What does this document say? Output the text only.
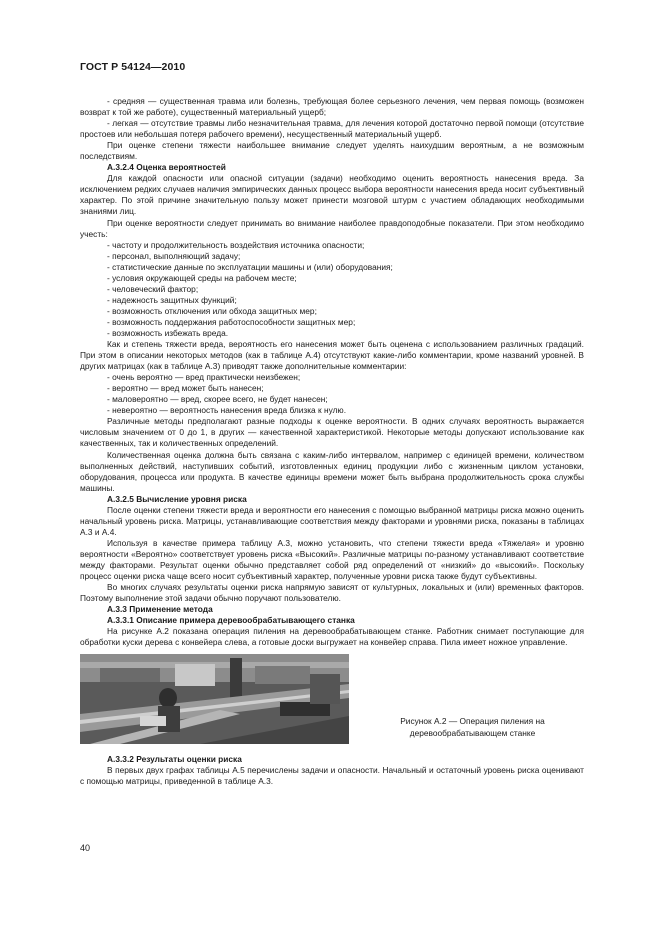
ГОСТ Р 54124—2010

- средняя — существенная травма или болезнь, требующая более серьезного лечения, чем первая помощь (возможен возврат к той же работе), существенный материальный ущерб;

- легкая — отсутствие травмы либо незначительная травма, для лечения которой достаточно первой помощи (отсутствие простоев или небольшая потеря рабочего времени), несущественный материальный ущерб.

При оценке степени тяжести наибольшее внимание следует уделять наихудшим вероятным, а не возможным последствиям.

А.3.2.4 Оценка вероятностей

Для каждой опасности или опасной ситуации (задачи) необходимо оценить вероятность нанесения вреда. За исключением редких случаев наличия эмпирических данных процесс выбора вероятности нанесения вреда носит субъективный характер. По этой причине значительную пользу может принести мозговой штурм с участием обладающих необходимыми знаниями лиц.

При оценке вероятности следует принимать во внимание наиболее правдоподобные показатели. При этом необходимо учесть:

- частоту и продолжительность воздействия источника опасности;

- персонал, выполняющий задачу;

- статистические данные по эксплуатации машины и (или) оборудования;

- условия окружающей среды на рабочем месте;

- человеческий фактор;

- надежность защитных функций;

- возможность отключения или обхода защитных мер;

- возможность поддержания работоспособности защитных мер;

- возможность избежать вреда.

Как и степень тяжести вреда, вероятность его нанесения может быть оценена с использованием различных градаций. При этом в описании некоторых методов (как в таблице А.4) отсутствуют какие-либо комментарии, кроме названий уровней. В других матрицах (как в таблице А.3) приводят также дополнительные комментарии:

- очень вероятно — вред практически неизбежен;

- вероятно — вред может быть нанесен;

- маловероятно — вред, скорее всего, не будет нанесен;

- невероятно — вероятность нанесения вреда близка к нулю.

Различные методы предполагают разные подходы к оценке вероятности. В одних случаях вероятность выражается числовым значением от 0 до 1, в других — качественной характеристикой. Некоторые методы допускают использование как качественных, так и количественных определений.

Количественная оценка должна быть связана с каким-либо интервалом, например с единицей времени, количеством выполненных действий, наступивших событий, изготовленных единиц продукции либо с жизненным циклом установки, оборудования, процесса или продукта. В качестве единицы времени может быть выбрана продолжительность срока службы машины.

А.3.2.5 Вычисление уровня риска

После оценки степени тяжести вреда и вероятности его нанесения с помощью выбранной матрицы риска можно оценить начальный уровень риска. Матрицы, устанавливающие соответствия между факторами и уровнями риска, показаны в таблицах А.3 и А.4.

Используя в качестве примера таблицу А.3, можно установить, что степени тяжести вреда «Тяжелая» и уровню вероятности «Вероятно» соответствует уровень риска «Высокий». Различные матрицы по-разному устанавливают соответствие между факторами. Результат оценки обычно представляет собой ряд определений от «низкий» до «высокий». Поскольку процесс оценки риска чаще всего носит субъективный характер, полученные уровни риска также будут субъективны.

Во многих случаях результаты оценки риска напрямую зависят от культурных, локальных и (или) временных факторов. Поэтому выполнение этой задачи обычно поручают пользователю.

А.3.3 Применение метода

А.3.3.1 Описание примера деревообрабатывающего станка

На рисунке А.2 показана операция пиления на деревообрабатывающем станке. Работник снимает поступающие для обработки куски дерева с конвейера слева, а готовые доски выгружает на конвейер справа. Пила имеет ножное управление.

Рисунок А.2 — Операция пиления на деревообрабатывающем станке

А.3.3.2 Результаты оценки риска

В первых двух графах таблицы А.5 перечислены задачи и опасности. Начальный и остаточный уровень риска оценивают с помощью матрицы, приведенной в таблице А.3.

40
